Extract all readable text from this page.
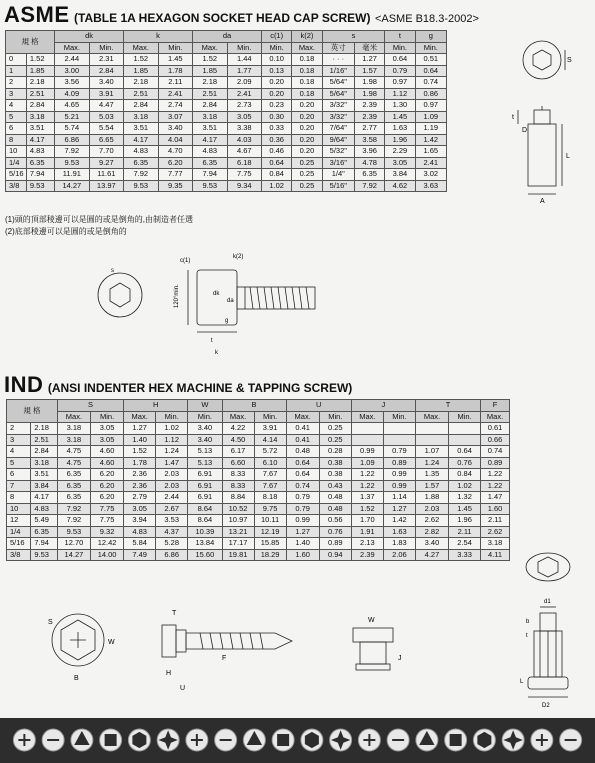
ASME (TABLE 1A HEXAGON SOCKET HEAD CAP SCREW) <ASME B18.3-2002>
規 格		dk		k		da		c(1)	k(2)	s		t	g
		Max.	Min.	Max.	Min.	Max.	Min.	Min.	Max.	英寸	毫米	Min.	Min.
0	1.52	2.44	2.31	1.52	1.45	1.52	1.44	0.10	0.18	· · ·	1.27	0.64	0.51
1	1.85	3.00	2.84	1.85	1.78	1.85	1.77	0.13	0.18	1/16"	1.57	0.79	0.64
2	2.18	3.56	3.40	2.18	2.11	2.18	2.09	0.20	0.18	5/64"	1.98	0.97	0.74
3	2.51	4.09	3.91	2.51	2.41	2.51	2.41	0.20	0.18	5/64"	1.98	1.12	0.86
4	2.84	4.65	4.47	2.84	2.74	2.84	2.73	0.23	0.20	3/32"	2.39	1.30	0.97
5	3.18	5.21	5.03	3.18	3.07	3.18	3.05	0.30	0.20	3/32"	2.39	1.45	1.09
6	3.51	5.74	5.54	3.51	3.40	3.51	3.38	0.33	0.20	7/64"	2.77	1.63	1.19
8	4.17	6.86	6.65	4.17	4.04	4.17	4.03	0.36	0.20	9/64"	3.58	1.96	1.42
10	4.83	7.92	7.70	4.83	4.70	4.83	4.67	0.46	0.20	5/32"	3.96	2.29	1.65
1/4	6.35	9.53	9.27	6.35	6.20	6.35	6.18	0.64	0.25	3/16"	4.78	3.05	2.41
5/16	7.94	11.91	11.61	7.92	7.77	7.94	7.75	0.84	0.25	1/4"	6.35	3.84	3.02
3/8	9.53	14.27	13.97	9.53	9.35	9.53	9.34	1.02	0.25	5/16"	7.92	4.62	3.63
(1)頭的頂部稜邊可以是圓的或是倒角的,由制造者任選
(2)底部稜邊可以是圓的或是倒角的
S
t
D
L
A
s
c(1)
k(2)
120°min.	dk
da
g
t
k
IND (ANSI INDENTER HEX MACHINE & TAPPING SCREW)
規 格		S		H		W	B		U		J		T		F
		Max.	Min.	Max.	Min.	Min.	Max.	Min.	Max.	Min.	Max.	Min.	Max.	Min.	Max.
2	2.18	3.18	3.05	1.27	1.02	3.40	4.22	3.91	0.41	0.25					0.61
3	2.51	3.18	3.05	1.40	1.12	3.40	4.50	4.14	0.41	0.25					0.66
4	2.84	4.75	4.60	1.52	1.24	5.13	6.17	5.72	0.48	0.28	0.99	0.79	1.07	0.64	0.74
5	3.18	4.75	4.60	1.78	1.47	5.13	6.60	6.10	0.64	0.38	1.09	0.89	1.24	0.76	0.89
6	3.51	6.35	6.20	2.36	2.03	6.91	8.33	7.67	0.64	0.38	1.22	0.99	1.35	0.84	1.22
7	3.84	6.35	6.20	2.36	2.03	6.91	8.33	7.67	0.74	0.43	1.22	0.99	1.57	1.02	1.22
8	4.17	6.35	6.20	2.79	2.44	6.91	8.84	8.18	0.79	0.48	1.37	1.14	1.88	1.32	1.47
10	4.83	7.92	7.75	3.05	2.67	8.64	10.52	9.75	0.79	0.48	1.52	1.27	2.03	1.45	1.60
12	5.49	7.92	7.75	3.94	3.53	8.64	10.97	10.11	0.99	0.56	1.70	1.42	2.62	1.96	2.11
1/4	6.35	9.53	9.32	4.83	4.37	10.39	13.21	12.19	1.27	0.76	1.91	1.63	2.82	2.11	2.62
5/16	7.94	12.70	12.42	5.84	5.28	13.84	17.17	15.85	1.40	0.89	2.13	1.83	3.40	2.54	3.18
3/8	9.53	14.27	14.00	7.49	6.86	15.60	19.81	18.29	1.60	0.94	2.39	2.06	4.27	3.33	4.11
S
W
B
T
H
U
F
W
J
d1
b
t
L
D2
